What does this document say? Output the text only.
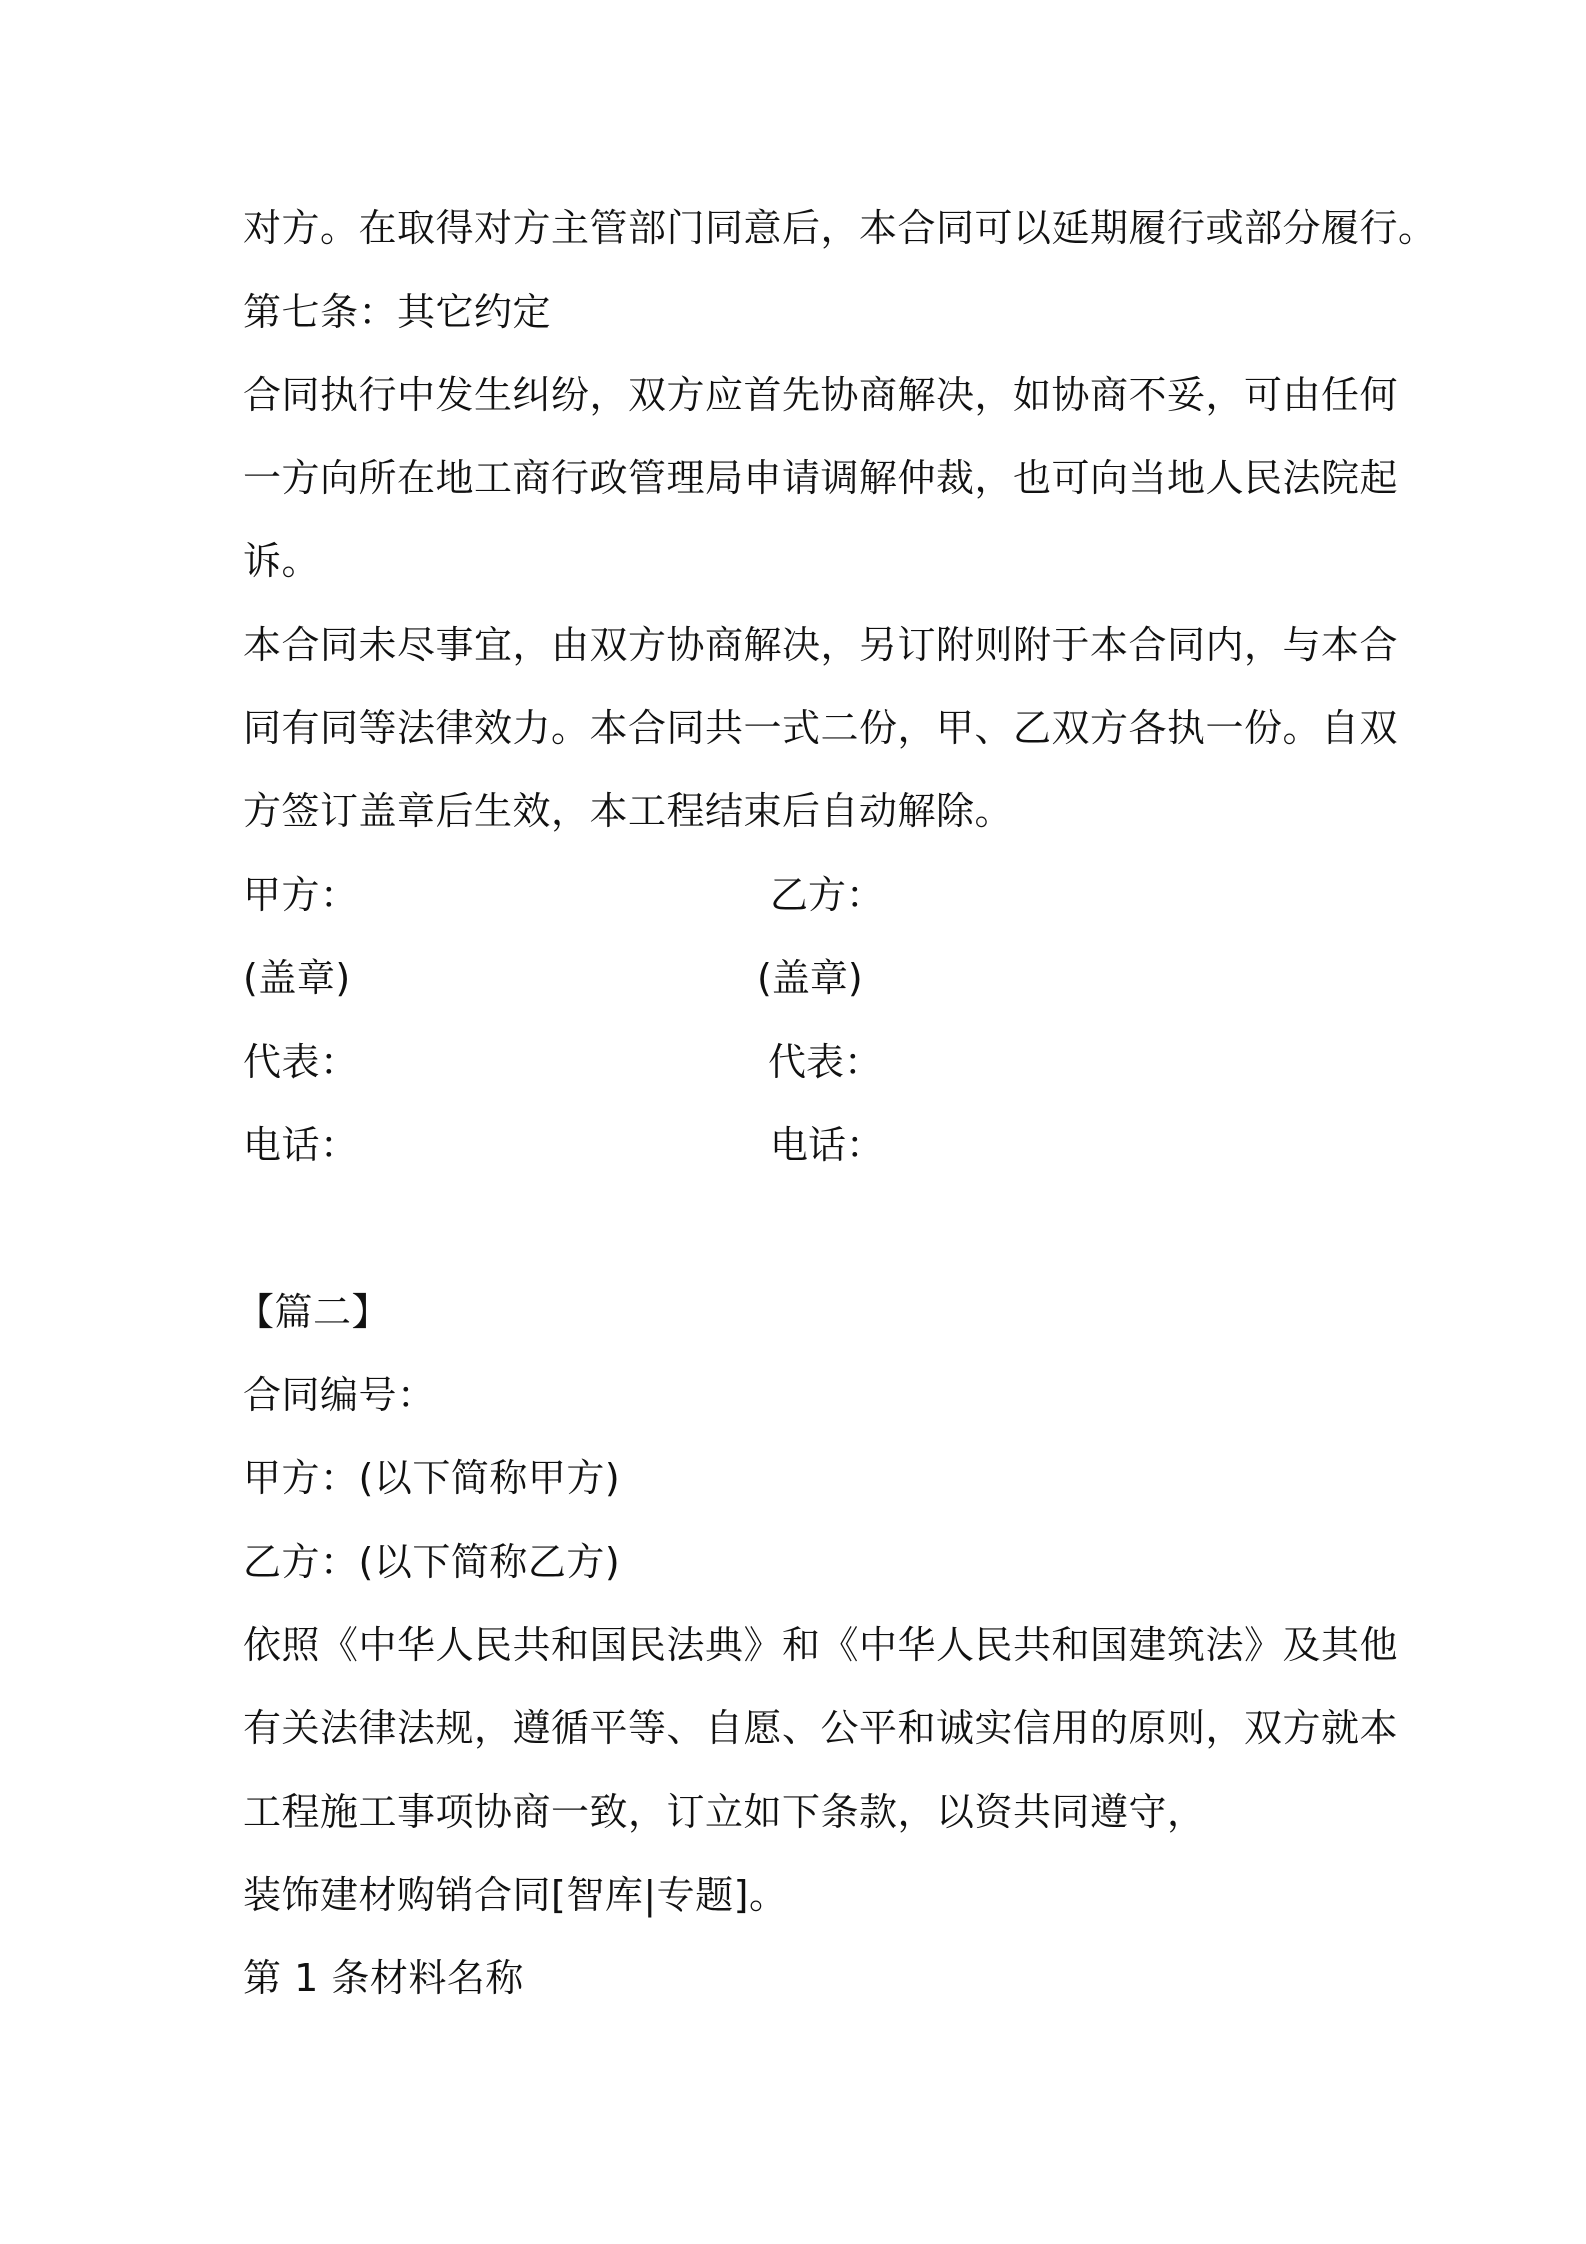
对方。在取得对方主管部门同意后，本合同可以延期履行或部分履行。
第七条：其它约定
合同执行中发生纠纷，双方应首先协商解决，如协商不妥，可由任何
一方向所在地工商行政管理局申请调解仲裁，也可向当地人民法院起
诉。
本合同未尽事宜，由双方协商解决，另订附则附于本合同内，与本合
同有同等法律效力。本合同共一式二份，甲、乙双方各执一份。自双
方签订盖章后生效，本工程结束后自动解除。
甲方：	乙方：
(盖章)	(盖章)
代表：	代表：
电话：	电话：
【篇二】
合同编号：
甲方：(以下简称甲方)
乙方：(以下简称乙方)
依照《中华人民共和国民法典》和《中华人民共和国建筑法》及其他
有关法律法规，遵循平等、自愿、公平和诚实信用的原则，双方就本
工程施工事项协商一致，订立如下条款，以资共同遵守，
装饰建材购销合同[智库|专题]。
第 1 条材料名称
